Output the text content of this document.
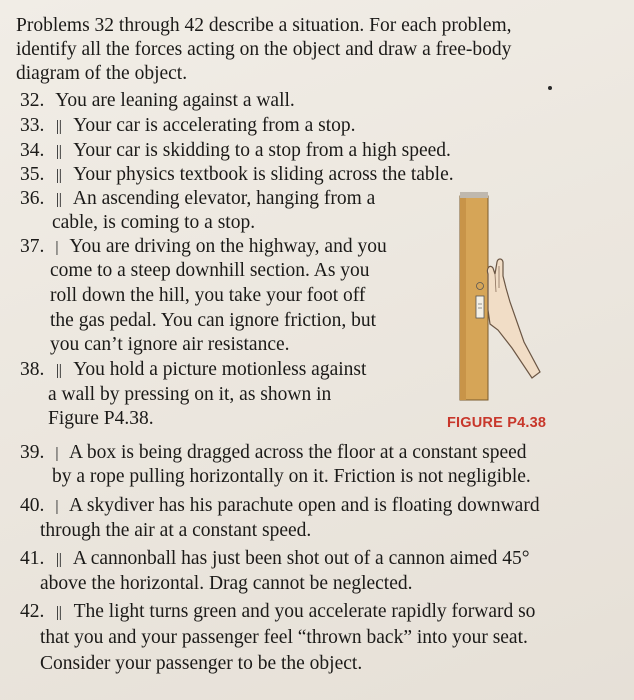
Problems 32 through 42 describe a situation. For each problem,
identify all the forces acting on the object and draw a free-body
diagram of the object.
32. You are leaning against a wall.
33. || Your car is accelerating from a stop.
34. || Your car is skidding to a stop from a high speed.
35. || Your physics textbook is sliding across the table.
36. || An ascending elevator, hanging from a
cable, is coming to a stop.
37. | You are driving on the highway, and you
come to a steep downhill section. As you
roll down the hill, you take your foot off
the gas pedal. You can ignore friction, but
you can’t ignore air resistance.
38. || You hold a picture motionless against
a wall by pressing on it, as shown in
Figure P4.38.	FIGURE P4.38
39. | A box is being dragged across the floor at a constant speed
by a rope pulling horizontally on it. Friction is not negligible.
40. | A skydiver has his parachute open and is floating downward
through the air at a constant speed.
41. || A cannonball has just been shot out of a cannon aimed 45°
above the horizontal. Drag cannot be neglected.
42. || The light turns green and you accelerate rapidly forward so
that you and your passenger feel “thrown back” into your seat.
Consider your passenger to be the object.
